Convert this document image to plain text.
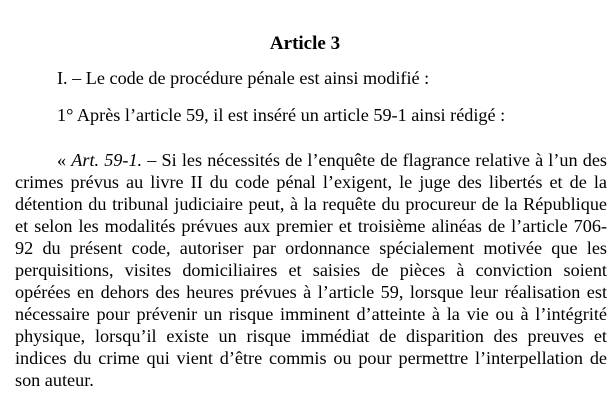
Article 3

I. – Le code de procédure pénale est ainsi modifié :

1° Après l’article 59, il est inséré un article 59-1 ainsi rédigé :

« Art. 59-1. – Si les nécessités de l’enquête de flagrance relative à l’un des crimes prévus au livre II du code pénal l’exigent, le juge des libertés et de la détention du tribunal judiciaire peut, à la requête du procureur de la République et selon les modalités prévues aux premier et troisième alinéas de l’article 706-92 du présent code, autoriser par ordonnance spécialement motivée que les perquisitions, visites domiciliaires et saisies de pièces à conviction soient opérées en dehors des heures prévues à l’article 59, lorsque leur réalisation est nécessaire pour prévenir un risque imminent d’atteinte à la vie ou à l’intégrité physique, lorsqu’il existe un risque immédiat de disparition des preuves et indices du crime qui vient d’être commis ou pour permettre l’interpellation de son auteur.
